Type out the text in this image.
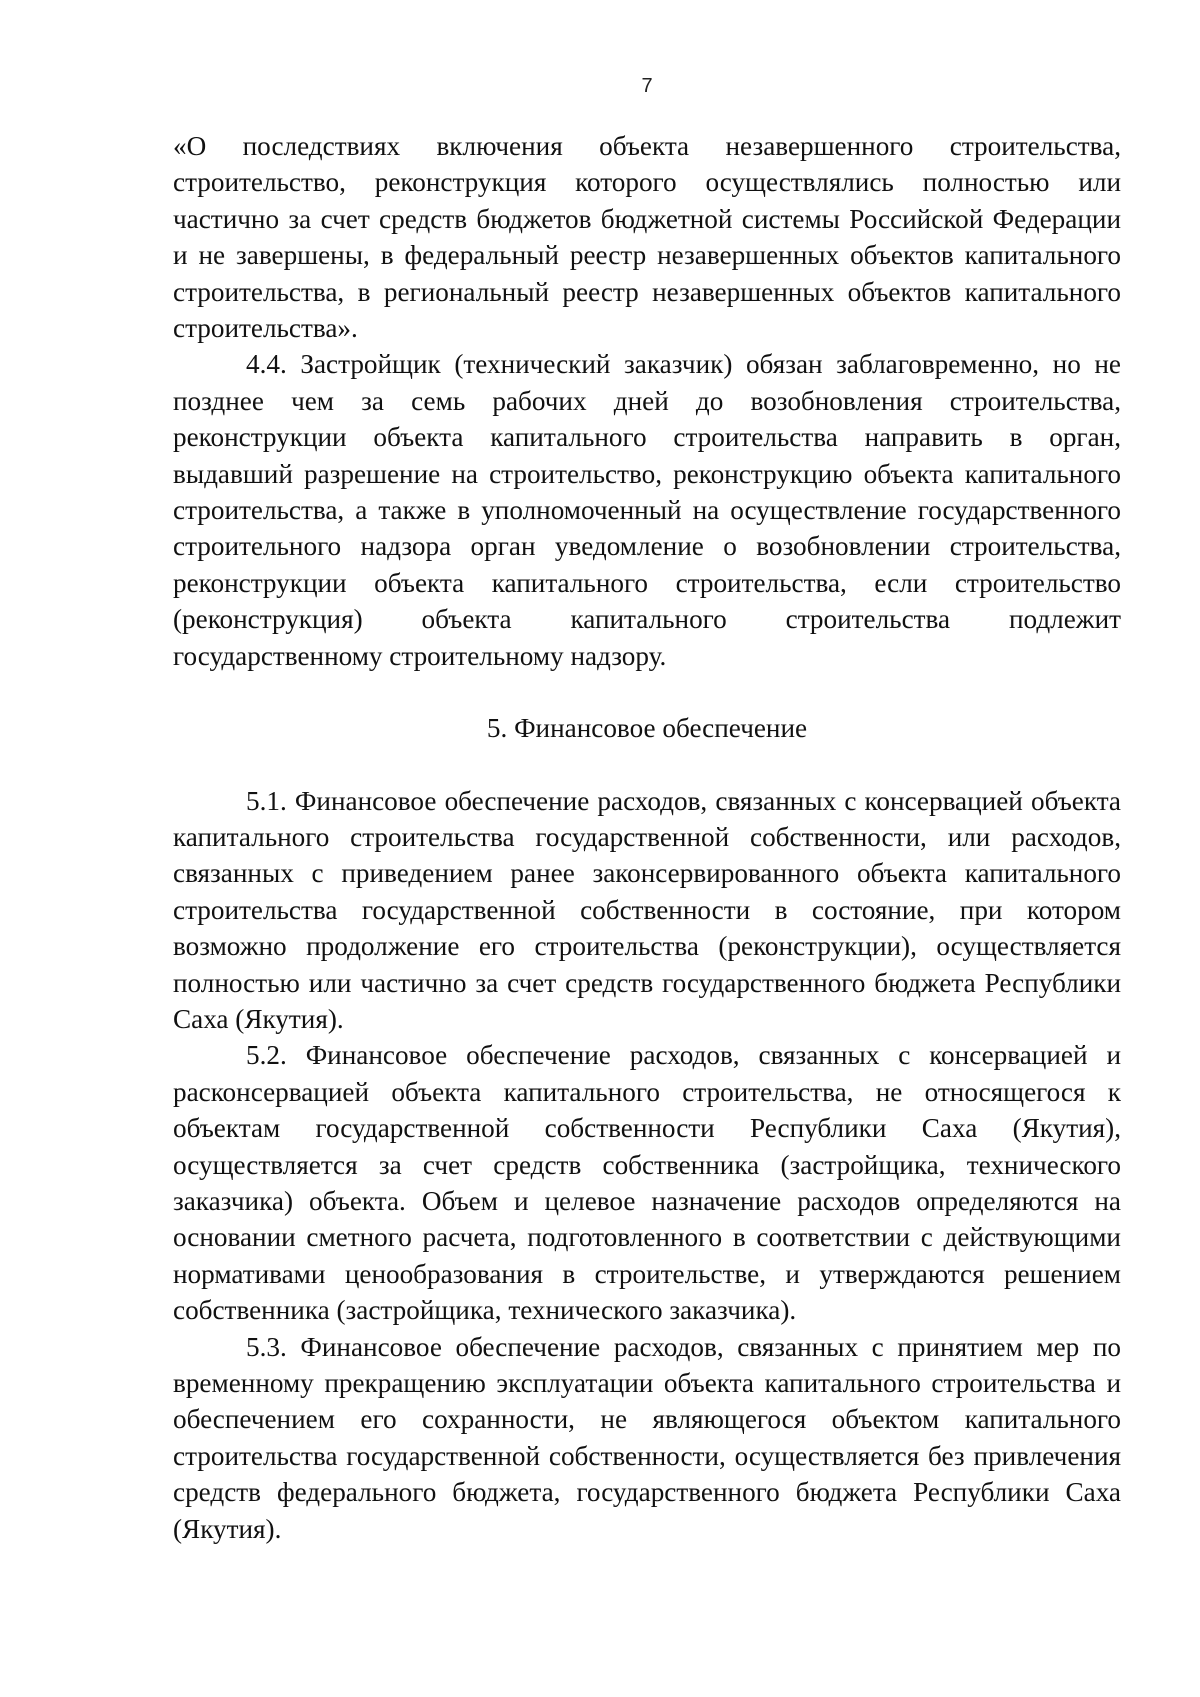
7

«О последствиях включения объекта незавершенного строительства, строительство, реконструкция которого осуществлялись полностью или частично за счет средств бюджетов бюджетной системы Российской Федерации и не завершены, в федеральный реестр незавершенных объектов капитального строительства, в региональный реестр незавершенных объектов капитального строительства».

4.4. Застройщик (технический заказчик) обязан заблаговременно, но не позднее чем за семь рабочих дней до возобновления строительства, реконструкции объекта капитального строительства направить в орган, выдавший разрешение на строительство, реконструкцию объекта капитального строительства, а также в уполномоченный на осуществление государственного строительного надзора орган уведомление о возобновлении строительства, реконструкции объекта капитального строительства, если строительство (реконструкция) объекта капитального строительства подлежит государственному строительному надзору.

5. Финансовое обеспечение

5.1. Финансовое обеспечение расходов, связанных с консервацией объекта капитального строительства государственной собственности, или расходов, связанных с приведением ранее законсервированного объекта капитального строительства государственной собственности в состояние, при котором возможно продолжение его строительства (реконструкции), осуществляется полностью или частично за счет средств государственного бюджета Республики Саха (Якутия).

5.2. Финансовое обеспечение расходов, связанных с консервацией и расконсервацией объекта капитального строительства, не относящегося к объектам государственной собственности Республики Саха (Якутия), осуществляется за счет средств собственника (застройщика, технического заказчика) объекта. Объем и целевое назначение расходов определяются на основании сметного расчета, подготовленного в соответствии с действующими нормативами ценообразования в строительстве, и утверждаются решением собственника (застройщика, технического заказчика).

5.3. Финансовое обеспечение расходов, связанных с принятием мер по временному прекращению эксплуатации объекта капитального строительства и обеспечением его сохранности, не являющегося объектом капитального строительства государственной собственности, осуществляется без привлечения средств федерального бюджета, государственного бюджета Республики Саха (Якутия).
